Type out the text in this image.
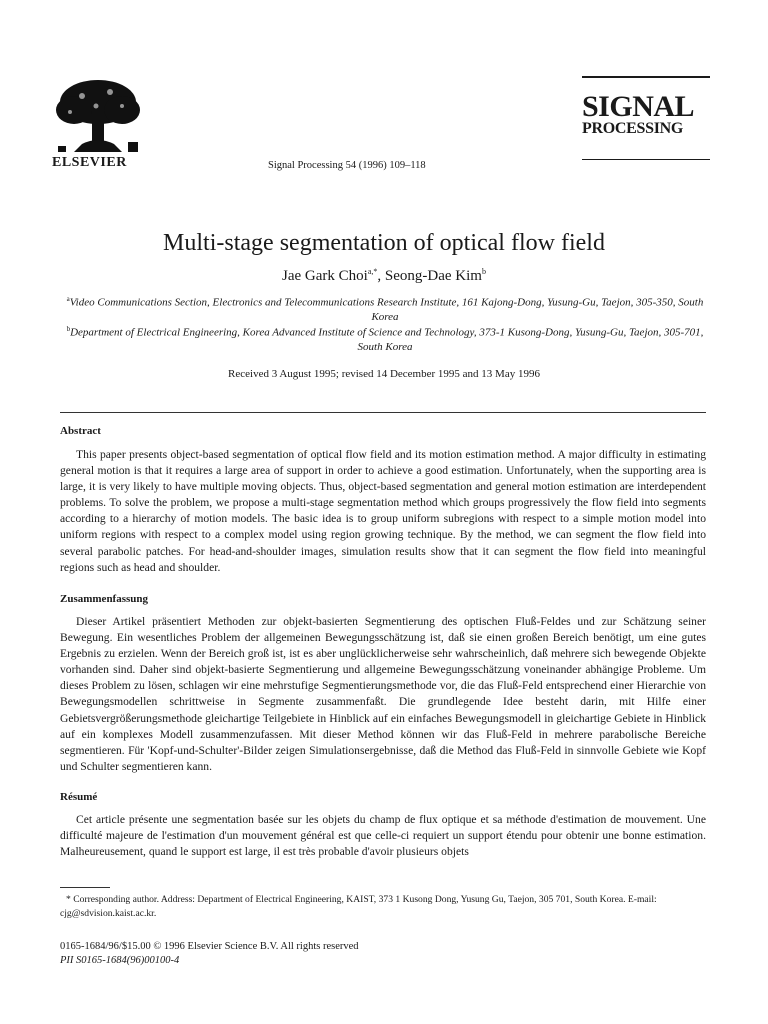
ELSEVIER	Signal Processing 54 (1996) 109–118
SIGNAL
PROCESSING
Multi-stage segmentation of optical flow field
Jae Gark Choi$^{a,*}$, Seong-Dae Kim$^b$
$^a$Video Communications Section, Electronics and Telecommunications Research Institute, 161 Kajong-Dong, Yusung-Gu, Taejon, 305-350, South Korea
$^b$Department of Electrical Engineering, Korea Advanced Institute of Science and Technology, 373-1 Kusong-Dong, Yusung-Gu, Taejon, 305-701, South Korea
Received 3 August 1995; revised 14 December 1995 and 13 May 1996
Abstract
This paper presents object-based segmentation of optical flow field and its motion estimation method. A major difficulty in estimating general motion is that it requires a large area of support in order to achieve a good estimation. Unfortunately, when the supporting area is large, it is very likely to have multiple moving objects. Thus, object-based segmentation and general motion estimation are interdependent problems. To solve the problem, we propose a multi-stage segmentation method which groups progressively the flow field into segments according to a hierarchy of motion models. The basic idea is to group uniform subregions with respect to a simple motion model into uniform regions with respect to a complex model using region growing technique. By the method, we can segment the flow field into several parabolic patches. For head-and-shoulder images, simulation results show that it can segment the flow field into meaningful regions such as head and shoulder.
Zusammenfassung
Dieser Artikel präsentiert Methoden zur objekt-basierten Segmentierung des optischen Fluß-Feldes und zur Schätzung seiner Bewegung. Ein wesentliches Problem der allgemeinen Bewegungsschätzung ist, daß sie einen großen Bereich benötigt, um eine gutes Ergebnis zu erzielen. Wenn der Bereich groß ist, ist es aber unglücklicherweise sehr wahrscheinlich, daß mehrere sich bewegende Objekte vorhanden sind. Daher sind objekt-basierte Segmentierung und allgemeine Bewegungsschätzung voneinander abhängige Probleme. Um dieses Problem zu lösen, schlagen wir eine mehrstufige Segmentierungsmethode vor, die das Fluß-Feld entsprechend einer Hierarchie von Bewegungsmodellen schrittweise in Segmente zusammenfaßt. Die grundlegende Idee besteht darin, mit Hilfe einer Gebietsvergrößerungsmethode gleichartige Teilgebiete in Hinblick auf ein einfaches Bewegungsmodell in gleichartige Gebiete in Hinblick auf ein komplexes Modell zusammenzufassen. Mit dieser Method können wir das Fluß-Feld in mehrere parabolische Bereiche segmentieren. Für 'Kopf-und-Schulter'-Bilder zeigen Simulationsergebnisse, daß die Method das Fluß-Feld in sinnvolle Gebiete wie Kopf und Schulter segmentieren kann.
Résumé
Cet article présente une segmentation basée sur les objets du champ de flux optique et sa méthode d'estimation de mouvement. Une difficulté majeure de l'estimation d'un mouvement général est que celle-ci requiert un support étendu pour obtenir une bonne estimation. Malheureusement, quand le support est large, il est très probable d'avoir plusieurs objets
* Corresponding author. Address: Department of Electrical Engineering, KAIST, 373 1 Kusong Dong, Yusung Gu, Taejon, 305 701, South Korea. E-mail: cjg@sdvision.kaist.ac.kr.
0165-1684/96/$15.00 © 1996 Elsevier Science B.V. All rights reserved
PII S0165-1684(96)00100-4
